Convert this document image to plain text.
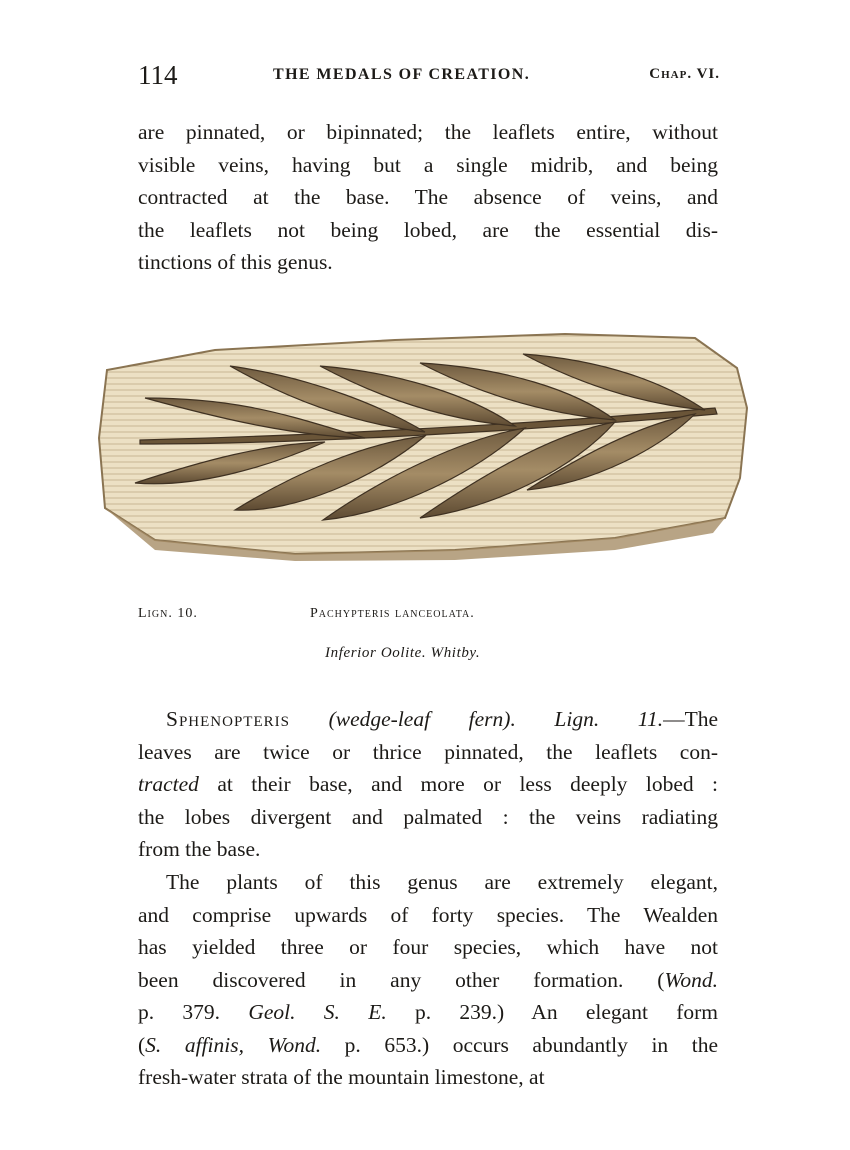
114	THE MEDALS OF CREATION.	Chap. VI.
are pinnated, or bipinnated; the leaflets entire, without
visible veins, having but a single midrib, and being
contracted at the base. The absence of veins, and
the leaflets not being lobed, are the essential dis-
tinctions of this genus.
Lign. 10.	Pachypteris lanceolata.
Inferior Oolite. Whitby.
Sphenopteris (wedge-leaf fern). Lign. 11.—The
leaves are twice or thrice pinnated, the leaflets con-
tracted at their base, and more or less deeply lobed :
the lobes divergent and palmated : the veins radiating
from the base.
The plants of this genus are extremely elegant,
and comprise upwards of forty species. The Wealden
has yielded three or four species, which have not
been discovered in any other formation. (Wond.
p. 379. Geol. S. E. p. 239.) An elegant form
(S. affinis, Wond. p. 653.) occurs abundantly in the
fresh-water strata of the mountain limestone, at
